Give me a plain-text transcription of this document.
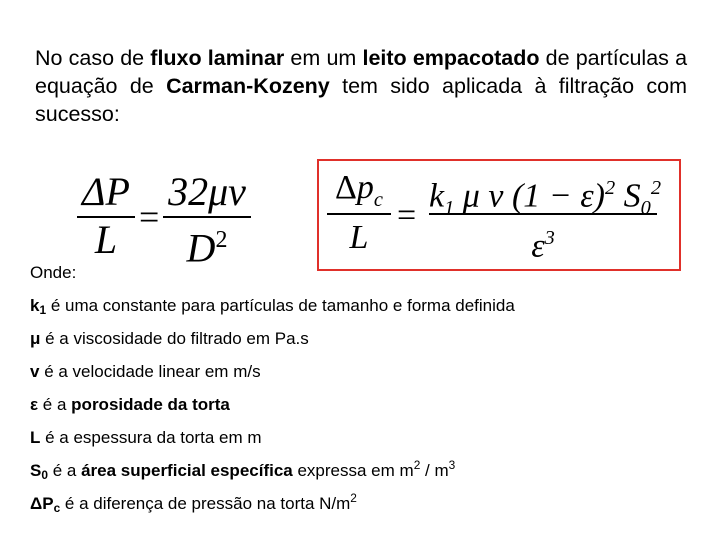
No caso de fluxo laminar em um leito empacotado de partículas a equação de Carman-Kozeny tem sido aplicada à filtração com sucesso:

ΔP
L =
32μv
$D^2$
$\Delta p_c$
L
=
$k_1$ μ v $(1 - \varepsilon)^2$ $S_0^2$
$\varepsilon^3$
Onde:
$k_1$ é uma constante para partículas de tamanho e forma definida
μ é a viscosidade do filtrado em Pa.s
v é a velocidade linear em m/s
ε é a porosidade da torta
L é a espessura da torta em m
$S_0$ é a área superficial específica expressa em $m^2 / m^3$
$\Delta P_c$ é a diferença de pressão na torta $N/m^2$
